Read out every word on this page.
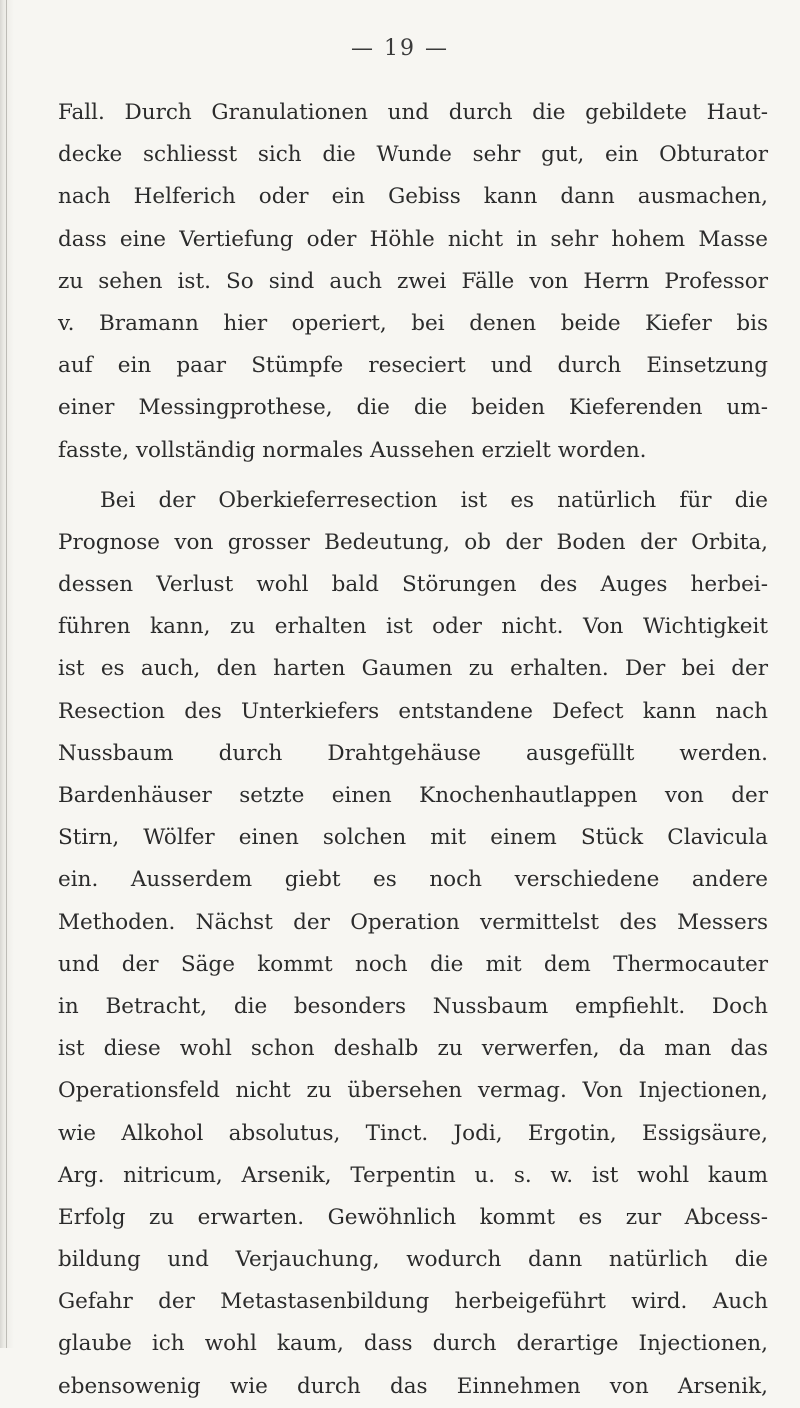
— 19 —
Fall. Durch Granulationen und durch die gebildete Haut-
decke schliesst sich die Wunde sehr gut, ein Obturator
nach Helferich oder ein Gebiss kann dann ausmachen,
dass eine Vertiefung oder Höhle nicht in sehr hohem Masse
zu sehen ist. So sind auch zwei Fälle von Herrn Professor
v. Bramann hier operiert, bei denen beide Kiefer bis
auf ein paar Stümpfe reseciert und durch Einsetzung
einer Messingprothese, die die beiden Kieferenden um-
fasste, vollständig normales Aussehen erzielt worden.
Bei der Oberkieferresection ist es natürlich für die
Prognose von grosser Bedeutung, ob der Boden der Orbita,
dessen Verlust wohl bald Störungen des Auges herbei-
führen kann, zu erhalten ist oder nicht. Von Wichtigkeit
ist es auch, den harten Gaumen zu erhalten. Der bei der
Resection des Unterkiefers entstandene Defect kann nach
Nussbaum durch Drahtgehäuse ausgefüllt werden.
Bardenhäuser setzte einen Knochenhautlappen von der
Stirn, Wölfer einen solchen mit einem Stück Clavicula
ein. Ausserdem giebt es noch verschiedene andere
Methoden. Nächst der Operation vermittelst des Messers
und der Säge kommt noch die mit dem Thermocauter
in Betracht, die besonders Nussbaum empfiehlt. Doch
ist diese wohl schon deshalb zu verwerfen, da man das
Operationsfeld nicht zu übersehen vermag. Von Injectionen,
wie Alkohol absolutus, Tinct. Jodi, Ergotin, Essigsäure,
Arg. nitricum, Arsenik, Terpentin u. s. w. ist wohl kaum
Erfolg zu erwarten. Gewöhnlich kommt es zur Abcess-
bildung und Verjauchung, wodurch dann natürlich die
Gefahr der Metastasenbildung herbeigeführt wird. Auch
glaube ich wohl kaum, dass durch derartige Injectionen,
ebensowenig wie durch das Einnehmen von Arsenik,
